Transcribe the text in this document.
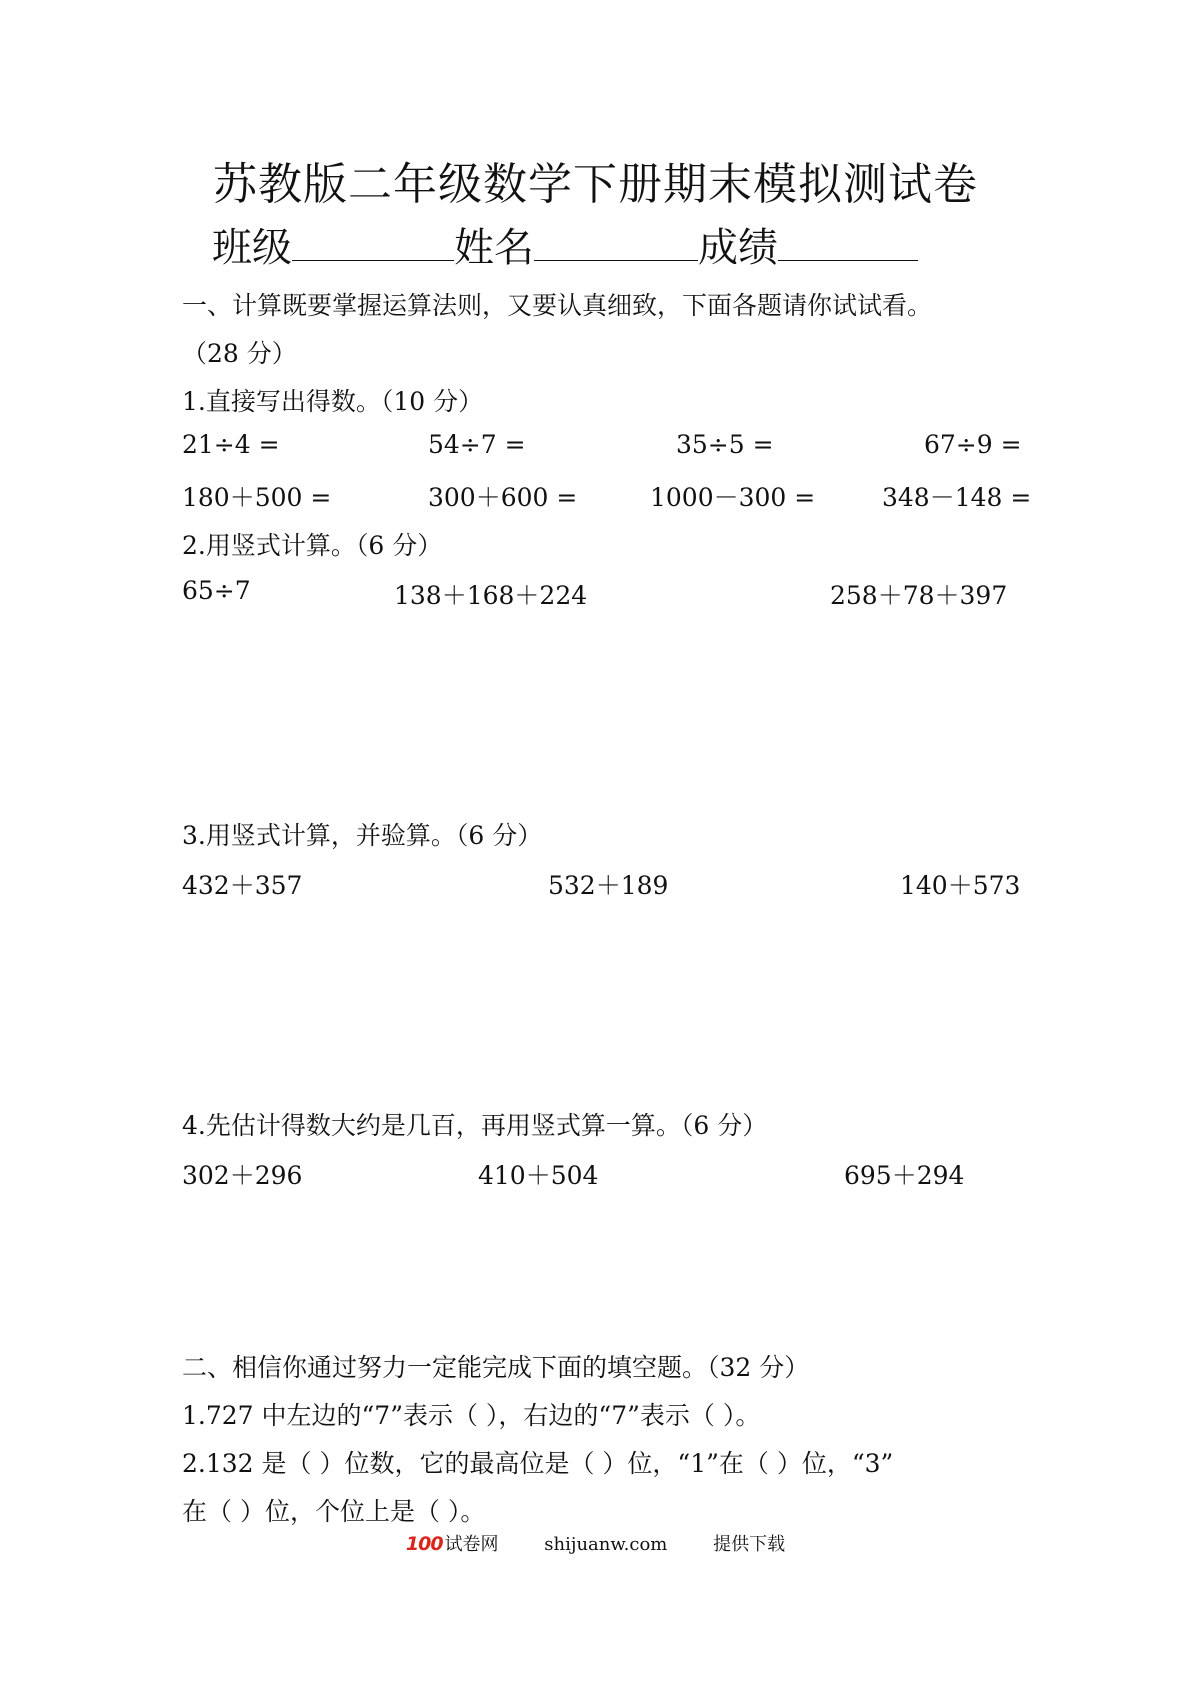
苏教版二年级数学下册期末模拟测试卷
班级	姓名	成绩
一、计算既要掌握运算法则，又要认真细致，下面各题请你试试看。
（28 分）
1.直接写出得数。（10 分）
21÷4 =	54÷7 =	35÷5 =	67÷9 =
180＋500 =	300＋600 =	1000－300 =	348－148 =
2.用竖式计算。（6 分）
65÷7	138＋168＋224	258＋78＋397
3.用竖式计算，并验算。（6 分）
432＋357	532＋189	140＋573
4.先估计得数大约是几百，再用竖式算一算。（6 分）
302＋296	410＋504	695＋294
二、相信你通过努力一定能完成下面的填空题。（32 分）
1.727 中左边的“7”表示（ ），右边的“7”表示（ ）。
2.132 是（ ）位数，它的最高位是（ ）位，“1”在（ ）位，“3”
在（ ）位，个位上是（ ）。
100 试卷网	shijuanw.com	提供下载
